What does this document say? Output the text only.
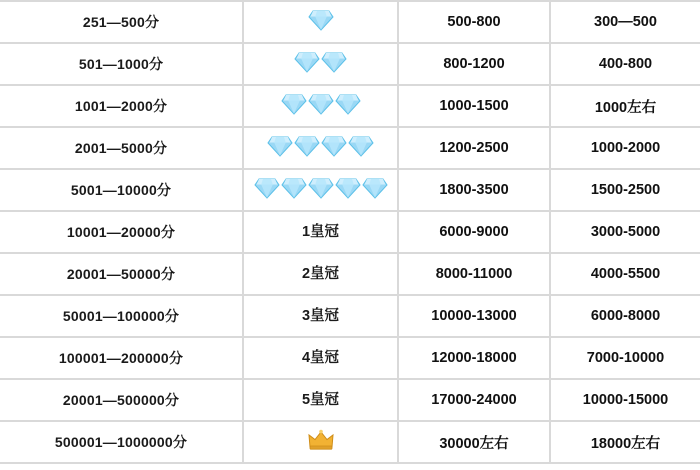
251—500分		500-800	300—500
501—1000分		800-1200	400-800
1001—2000分		1000-1500	1000左右
2001—5000分		1200-2500	1000-2000
5001—10000分		1800-3500	1500-2500
10001—20000分	1皇冠	6000-9000	3000-5000
20001—50000分	2皇冠	8000-11000	4000-5500
50001—100000分	3皇冠	10000-13000	6000-8000
100001—200000分	4皇冠	12000-18000	7000-10000
20001—500000分	5皇冠	17000-24000	10000-15000
500001—1000000分		30000左右	18000左右
